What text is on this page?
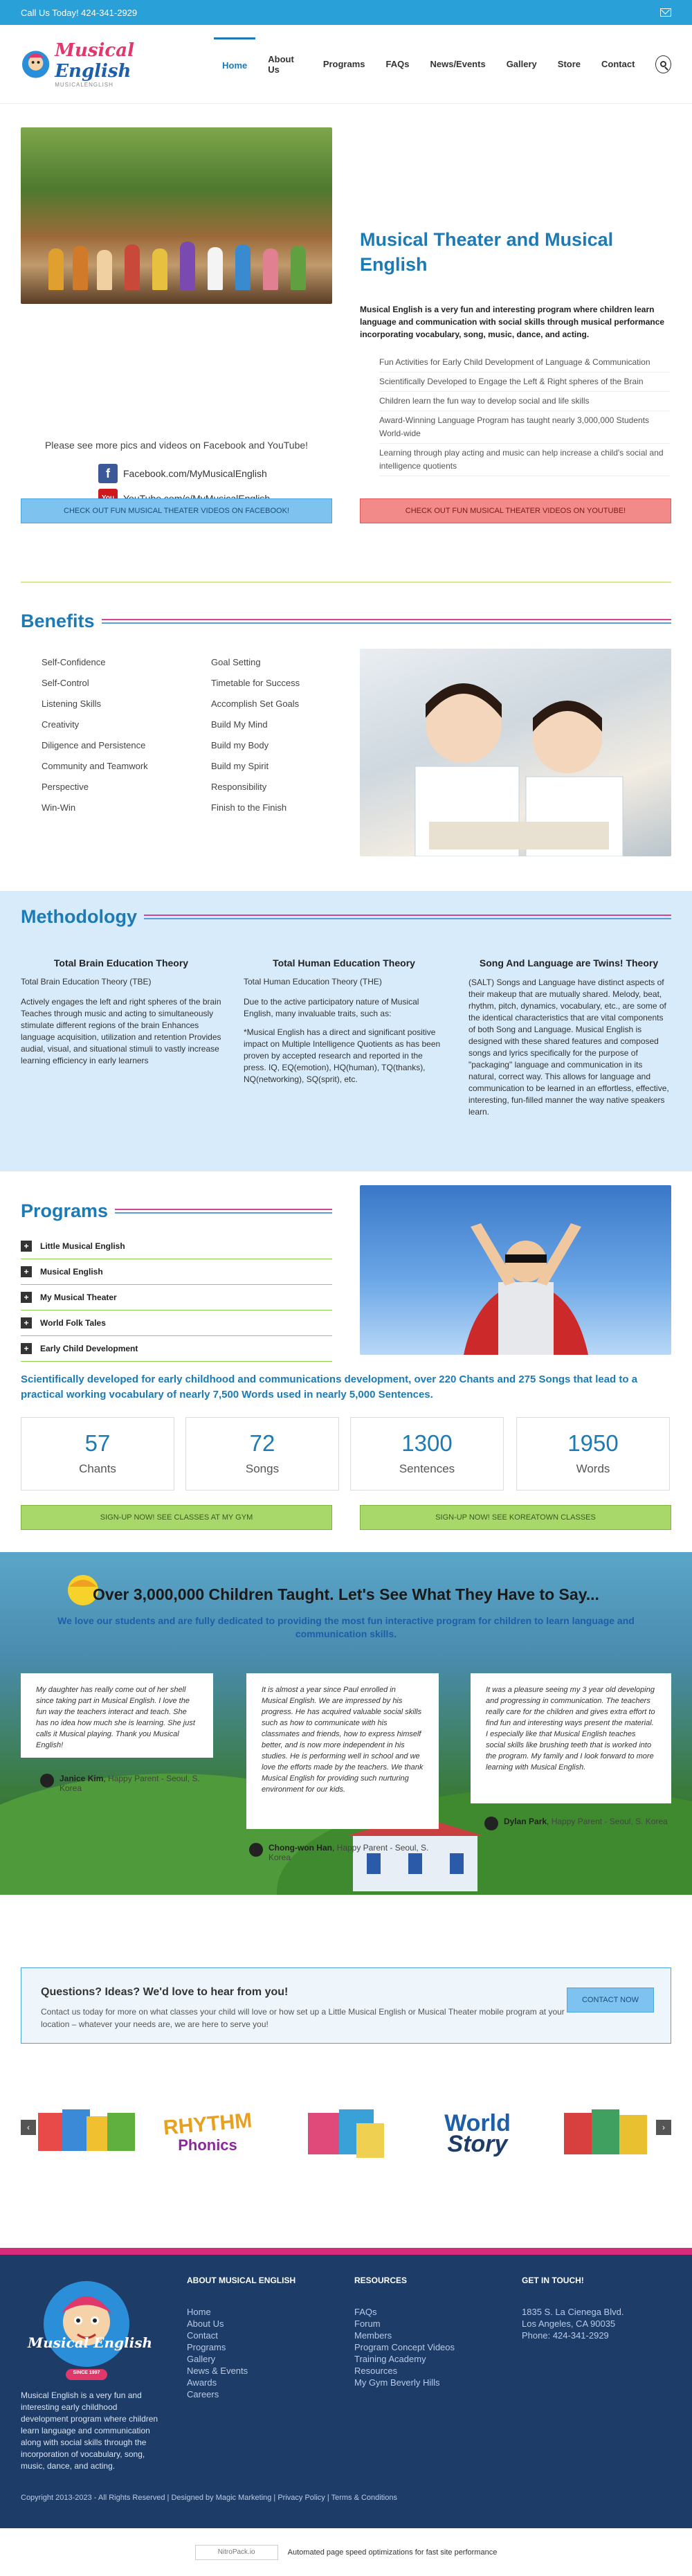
Call Us Today! 424-341-2929
Musical English
MUSICALENGLISH
Home
About Us	Programs	FAQs	News/Events	Gallery	Store	Contact
Musical Theater and Musical English
Musical English is a very fun and interesting program where children learn language and communication with social skills through musical performance incorporating vocabulary, song, music, dance, and acting.
Fun Activities for Early Child Development of Language & Communication
Scientifically Developed to Engage the Left & Right spheres of the Brain
Children learn the fun way to develop social and life skills
Award-Winning Language Program has taught nearly 3,000,000 Students World-wide
Learning through play acting and music can help increase a child's social and intelligence quotients
Please see more pics and videos on Facebook and YouTube!
f	Facebook.com/MyMusicalEnglish
CHECK OUT FUN MUSICAL THEATER VIDEOS ON FACEBOOK!	CHECK OUT FUN MUSICAL THEATER VIDEOS ON YOUTUBE!
Benefits
Self-Confidence
Self-Control
Listening Skills
Creativity
Diligence and Persistence
Community and Teamwork
Perspective
Win-Win
Goal Setting
Timetable for Success
Accomplish Set Goals
Build My Mind
Build my Body
Build my Spirit
Responsibility
Finish to the Finish
Methodology
Total Brain Education Theory
Total Brain Education Theory (TBE)

Actively engages the left and right spheres of the brain Teaches through music and acting to simultaneously stimulate different regions of the brain Enhances language acquisition, utilization and retention Provides audial, visual, and situational stimuli to vastly increase learning efficiency in early learners

Total Human Education Theory
Total Human Education Theory (THE)

Due to the active participatory nature of Musical English, many invaluable traits, such as:

*Musical English has a direct and significant positive impact on Multiple Intelligence Quotients as has been proven by accepted research and reported in the press. IQ, EQ(emotion), HQ(human), TQ(thanks), NQ(networking), SQ(sprit), etc.

Song And Language are Twins! Theory

(SALT) Songs and Language have distinct aspects of their makeup that are mutually shared. Melody, beat, rhythm, pitch, dynamics, vocabulary, etc., are some of the identical characteristics that are vital components of both Song and Language. Musical English is designed with these shared features and composed songs and lyrics specifically for the purpose of "packaging" language and communication in its natural, correct way. This allows for language and communication to be learned in an effortless, effective, interesting, fun-filled manner the way native speakers learn.

Programs
+	Little Musical English
+	Musical English
+	My Musical Theater
+	World Folk Tales
+	Early Child Development
Scientifically developed for early childhood and communications development, over 220 Chants and 275 Songs that lead to a practical working vocabulary of nearly 7,500 Words used in nearly 5,000 Sentences.
57
Chants
72
Songs
1300
Sentences
1950
Words
SIGN-UP NOW! SEE CLASSES AT MY GYM	SIGN-UP NOW! SEE KOREATOWN CLASSES
Over 3,000,000 Children Taught. Let's See What They Have to Say...
We love our students and are fully dedicated to providing the most fun interactive program for children to learn language and communication skills.
My daughter has really come out of her shell since taking part in Musical English. I love the fun way the teachers interact and teach. She has no idea how much she is learning. She just calls it Musical playing. Thank you Musical English!
It is almost a year since Paul enrolled in Musical English. We are impressed by his progress. He has acquired valuable social skills such as how to communicate with his classmates and friends, how to express himself better, and is now more independent in his studies. He is performing well in school and we love the efforts made by the teachers. We thank Musical English for providing such nurturing environment for our kids.
It was a pleasure seeing my 3 year old developing and progressing in communication. The teachers really care for the children and gives extra effort to find fun and interesting ways present the material. I especially like that Musical English teaches social skills like brushing teeth that is worked into the program. My family and I look forward to more learning with Musical English.
Janice Kim, Happy Parent - Seoul, S. Korea
Chong-won Han, Happy Parent - Seoul, S. Korea
Dylan Park, Happy Parent - Seoul, S. Korea
Questions? Ideas? We'd love to hear from you!

Contact us today for more on what classes your child will love or how set up a Little Musical English or Musical Theater mobile program at your location – whatever your needs are, we are here to serve you!

CONTACT NOW
‹	›
RHYTHM
Phonics
World
Story
Musical English
SINCE 1997
Musical English is a very fun and interesting early childhood development program where children learn language and communication along with social skills through the incorporation of vocabulary, song, music, dance, and acting.
ABOUT MUSICAL ENGLISH
Home
About Us
Contact
Programs
Gallery
News & Events
Awards
Careers
RESOURCES
FAQs
Forum
Members
Program Concept Videos
Training Academy
Resources
My Gym Beverly Hills
GET IN TOUCH!
1835 S. La Cienega Blvd.
Los Angeles, CA 90035
Phone: 424-341-2929
Copyright 2013-2023 - All Rights Reserved | Designed by Magic Marketing | Privacy Policy | Terms & Conditions
NitroPack.io	Automated page speed optimizations for fast site performance
